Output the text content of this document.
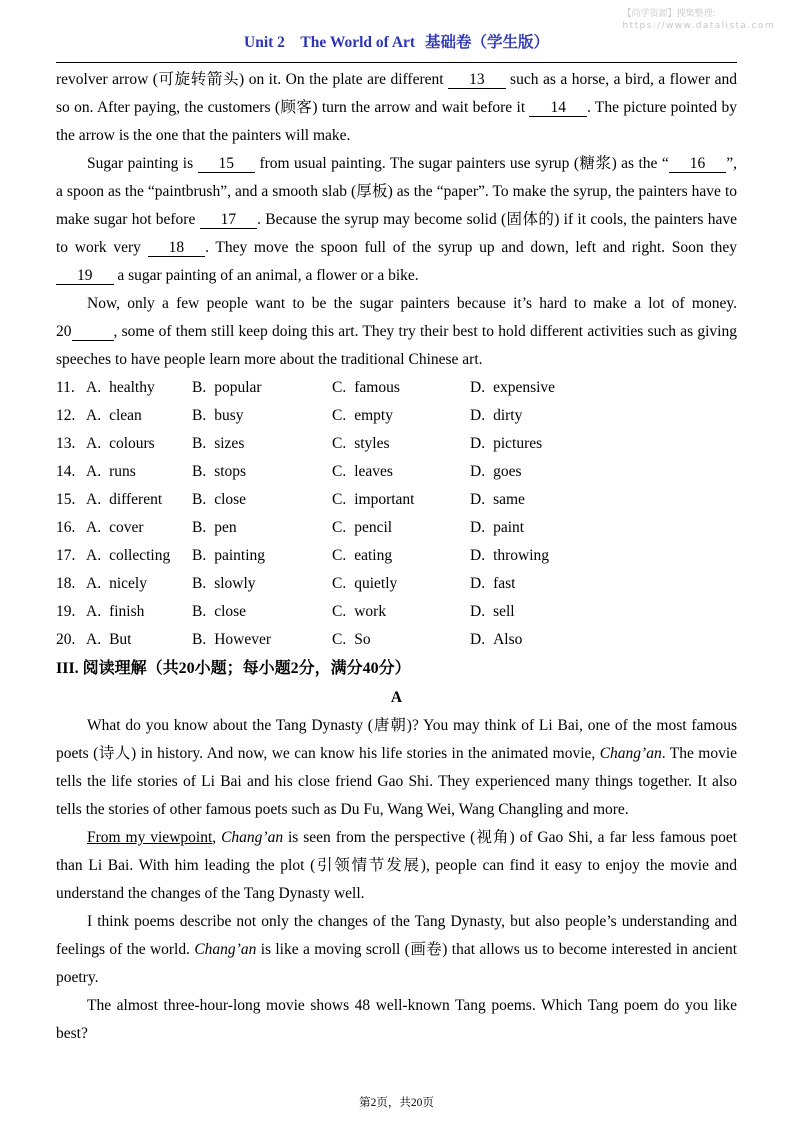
【尚学资源】搜集整理:
https://www.datalista.com
Unit 2　The World of Art 基础卷（学生版）

revolver arrow (可旋转箭头) on it. On the plate are different 13 such as a horse, a bird, a flower and so on. After paying, the customers (顾客) turn the arrow and wait before it 14 . The picture pointed by the arrow is the one that the painters will make.

Sugar painting is 15 from usual painting. The sugar painters use syrup (糖浆) as the “ 16 ”, a spoon as the “paintbrush”, and a smooth slab (厚板) as the “paper”. To make the syrup, the painters have to make sugar hot before 17 . Because the syrup may become solid (固体的) if it cools, the painters have to work very 18 . They move the spoon full of the syrup up and down, left and right. Soon they 19 a sugar painting of an animal, a flower or a bike.

Now, only a few people want to be the sugar painters because it’s hard to make a lot of money. 20	, some of them still keep doing this art. They try their best to hold different activities such as giving speeches to have people learn more about the traditional Chinese art.

11. A. healthy	B. popular	C. famous	D. expensive
12. A. clean	B. busy	C. empty	D. dirty
13. A. colours	B. sizes	C. styles	D. pictures
14. A. runs	B. stops	C. leaves	D. goes
15. A. different	B. close	C. important	D. same
16. A. cover	B. pen	C. pencil	D. paint
17. A. collecting	B. painting	C. eating	D. throwing
18. A. nicely	B. slowly	C. quietly	D. fast
19. A. finish	B. close	C. work	D. sell
20. A. But	B. However	C. So	D. Also
III. 阅读理解（共20小题；每小题2分，满分40分）
A

What do you know about the Tang Dynasty (唐朝)? You may think of Li Bai, one of the most famous poets (诗人) in history. And now, we can know his life stories in the animated movie, Chang’an. The movie tells the life stories of Li Bai and his close friend Gao Shi. They experienced many things together. It also tells the stories of other famous poets such as Du Fu, Wang Wei, Wang Changling and more.

From my viewpoint, Chang’an is seen from the perspective (视角) of Gao Shi, a far less famous poet than Li Bai. With him leading the plot (引领情节发展), people can find it easy to enjoy the movie and understand the changes of the Tang Dynasty well.

I think poems describe not only the changes of the Tang Dynasty, but also people’s understanding and feelings of the world. Chang’an is like a moving scroll (画卷) that allows us to become interested in ancient poetry.

The almost three-hour-long movie shows 48 well-known Tang poems. Which Tang poem do you like best?

第2页，共20页
